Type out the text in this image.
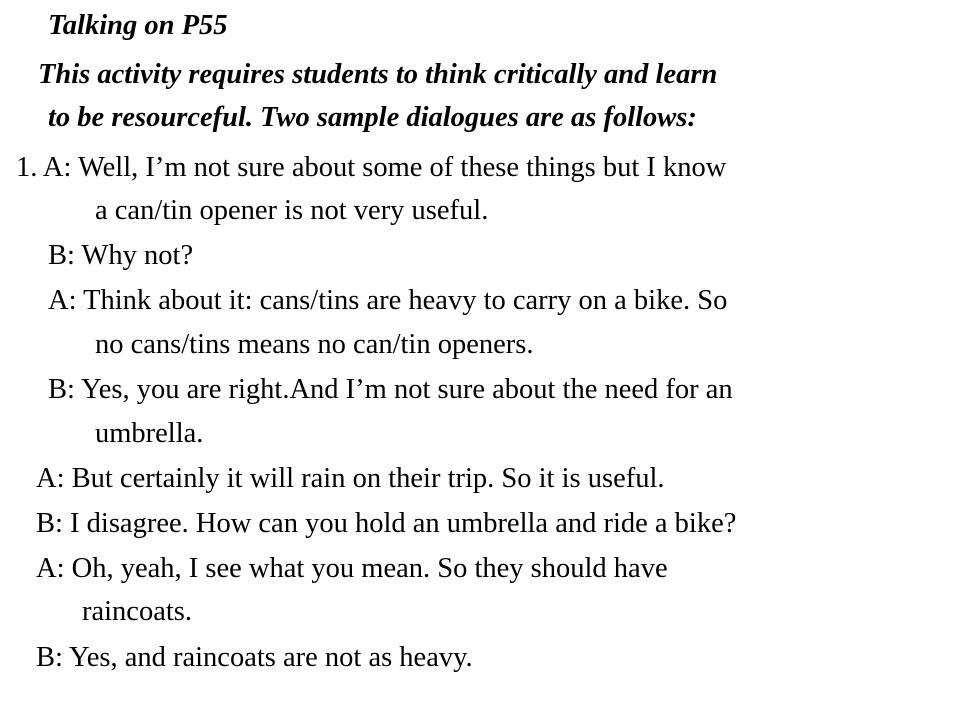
Talking on P55
This activity requires students to think critically and learn
to be resourceful. Two sample dialogues are as follows:
1. A: Well, I’m not sure about some of these things but I know
a can/tin opener is not very useful.
B: Why not?
A: Think about it: cans/tins are heavy to carry on a bike. So
no cans/tins means no can/tin openers.
B: Yes, you are right.And I’m not sure about the need for an
umbrella.
A: But certainly it will rain on their trip. So it is useful.
B: I disagree. How can you hold an umbrella and ride a bike?
A: Oh, yeah, I see what you mean. So they should have
raincoats.
B: Yes, and raincoats are not as heavy.
